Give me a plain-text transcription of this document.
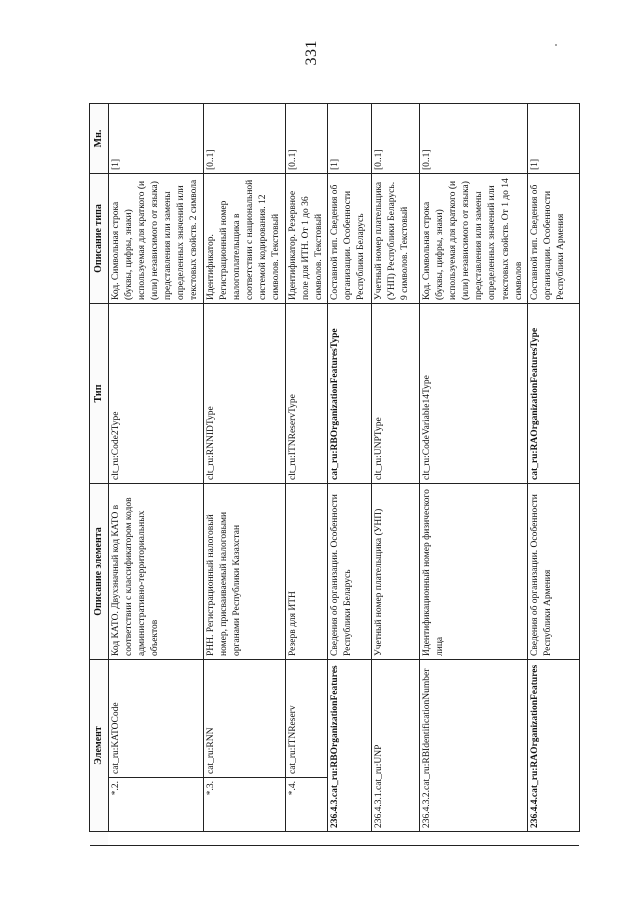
331
	Элемент		Описание элемента	Тип	Описание типа	Мн.
	*.2.	cat_ru:KATOCode	Код КАТО. Двухзначный код КАТО в соответствии с классификатором кодов административно-территориальных объектов	clt_ru:Code2Type	Код. Символьная строка (буквы, цифры, знаки) используемая для краткого (и (или) независимого от языка) представления или замены определенных значений или текстовых свойств. 2 символа	[1]
	*.3.	cat_ru:RNN	РНН. Регистрационный налоговый номер, присваиваемый налоговыми органами Республики Казахстан	clt_ru:RNNIDType	Идентификатор. Регистрационный номер налогоплательщика в соответствии с национальной системой кодирования. 12 символов. Текстовый	[0..1]
	*.4.	cat_ru:ITNReserv	Резерв для ИТН	clt_ru:ITNReservType	Идентификатор. Резервное поле для ИТН. От 1 до 36 символов. Текстовый	[0..1]
	236.4.3.cat_ru:RBOrganizationFeatures		Сведения об организации. Особенности Республики Беларусь	cat_ru:RBOrganizationFeaturesType	Составной тип. Сведения об организации. Особенности Республики Беларусь	[1]
	236.4.3.1.cat_ru:UNP		Учетный номер плательщика (УНП)	clt_ru:UNPType	Учетный номер плательщика (УНП) Республики Беларусь. 9 символов. Текстовый	[0..1]
	236.4.3.2.cat_ru:RBIdentificationNumber		Идентификационный номер физического лица	clt_ru:CodeVariable14Type	Код. Символьная строка (буквы, цифры, знаки) используемая для краткого (и (или) независимого от языка) представления или замены определенных значений или текстовых свойств. От 1 до 14 символов	[0..1]
	236.4.4.cat_ru:RAOrganizationFeatures		Сведения об организации. Особенности Республики Армения	cat_ru:RAOrganizationFeaturesType	Составной тип. Сведения об организации. Особенности Республики Армения	[1]
